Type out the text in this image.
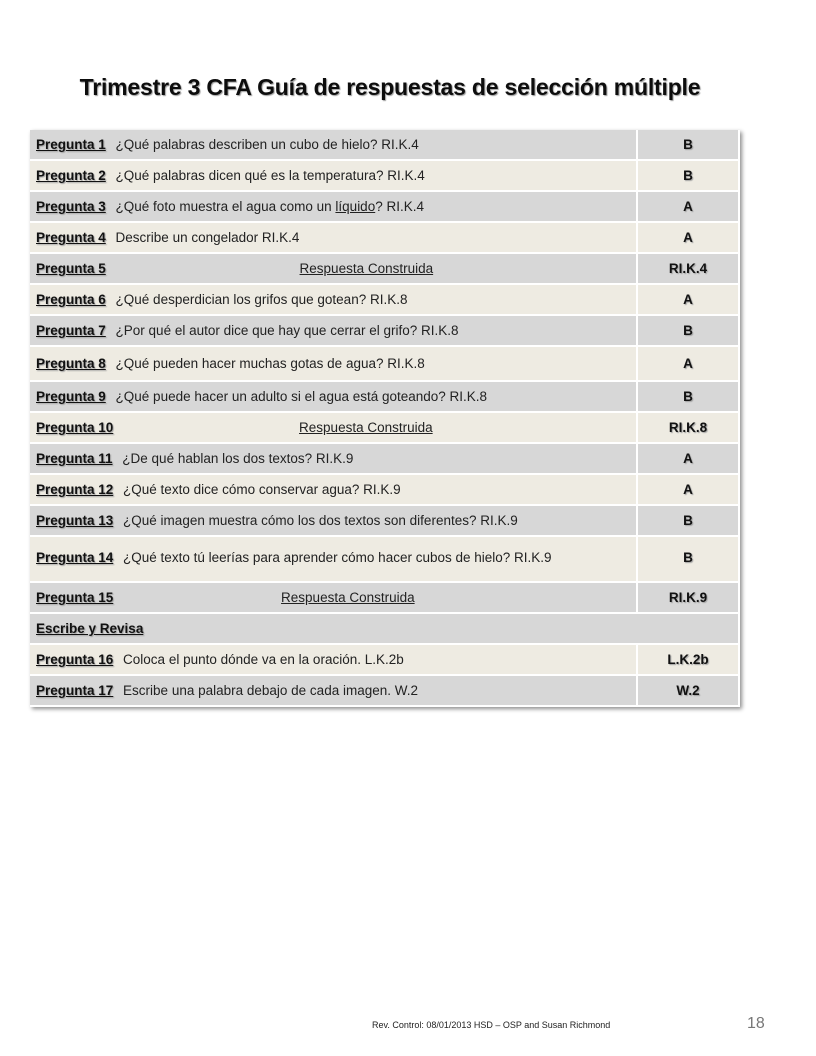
Trimestre 3 CFA Guía de respuestas de selección múltiple
Pregunta 1 ¿Qué palabras describen un cubo de hielo? RI.K.4	B
Pregunta 2 ¿Qué palabras dicen qué es la temperatura? RI.K.4	B
Pregunta 3 ¿Qué foto muestra el agua como un líquido? RI.K.4	A
Pregunta 4 Describe un congelador RI.K.4	A
Pregunta 5 Respuesta Construida	RI.K.4
Pregunta 6 ¿Qué desperdician los grifos que gotean? RI.K.8	A
Pregunta 7 ¿Por qué el autor dice que hay que cerrar el grifo? RI.K.8	B
Pregunta 8 ¿Qué pueden hacer muchas gotas de agua? RI.K.8	A
Pregunta 9 ¿Qué puede hacer un adulto si el agua está goteando? RI.K.8	B
Pregunta 10 Respuesta Construida	RI.K.8
Pregunta 11 ¿De qué hablan los dos textos? RI.K.9	A
Pregunta 12 ¿Qué texto dice cómo conservar agua? RI.K.9	A
Pregunta 13 ¿Qué imagen muestra cómo los dos textos son diferentes? RI.K.9	B
Pregunta 14 ¿Qué texto tú leerías para aprender cómo hacer cubos de hielo? RI.K.9	B
Pregunta 15 Respuesta Construida	RI.K.9
Escribe y Revisa	
Pregunta 16 Coloca el punto dónde va en la oración. L.K.2b	L.K.2b
Pregunta 17 Escribe una palabra debajo de cada imagen. W.2	W.2
Rev. Control: 08/01/2013 HSD – OSP and Susan Richmond	18
